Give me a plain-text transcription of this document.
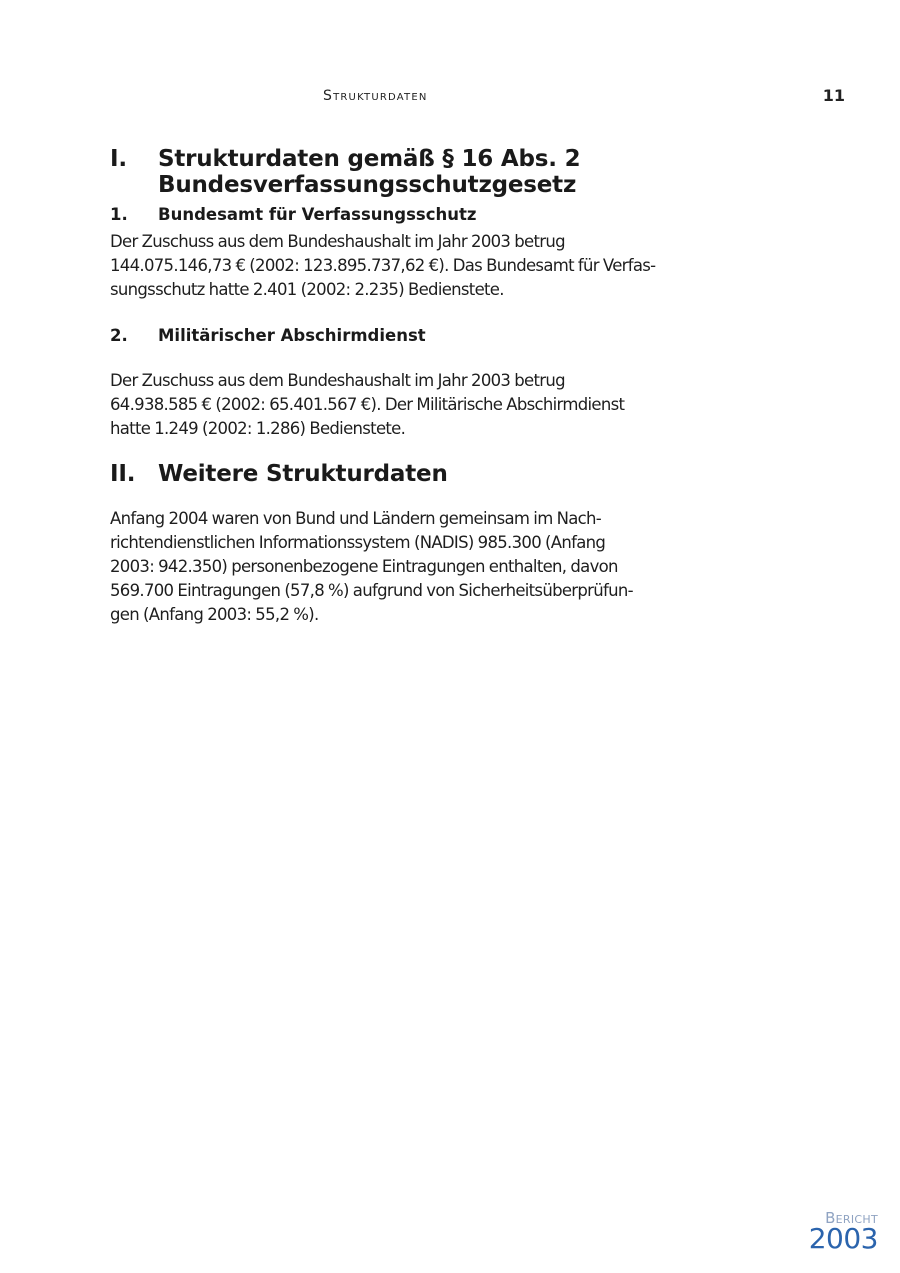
Strukturdaten	11
I.	Strukturdaten gemäß § 16 Abs. 2
Bundesverfassungsschutzgesetz
1.	Bundesamt für Verfassungsschutz
Der Zuschuss aus dem Bundeshaushalt im Jahr 2003 betrug
144.075.146,73 € (2002: 123.895.737,62 €). Das Bundesamt für Verfas-
sungsschutz hatte 2.401 (2002: 2.235) Bedienstete.
2.	Militärischer Abschirmdienst
Der Zuschuss aus dem Bundeshaushalt im Jahr 2003 betrug
64.938.585 € (2002: 65.401.567 €). Der Militärische Abschirmdienst
hatte 1.249 (2002: 1.286) Bedienstete.
II. Weitere Strukturdaten
Anfang 2004 waren von Bund und Ländern gemeinsam im Nach-
richtendienstlichen Informationssystem (NADIS) 985.300 (Anfang
2003: 942.350) personenbezogene Eintragungen enthalten, davon
569.700 Eintragungen (57,8 %) aufgrund von Sicherheitsüberprüfun-
gen (Anfang 2003: 55,2 %).
Bericht
2003
